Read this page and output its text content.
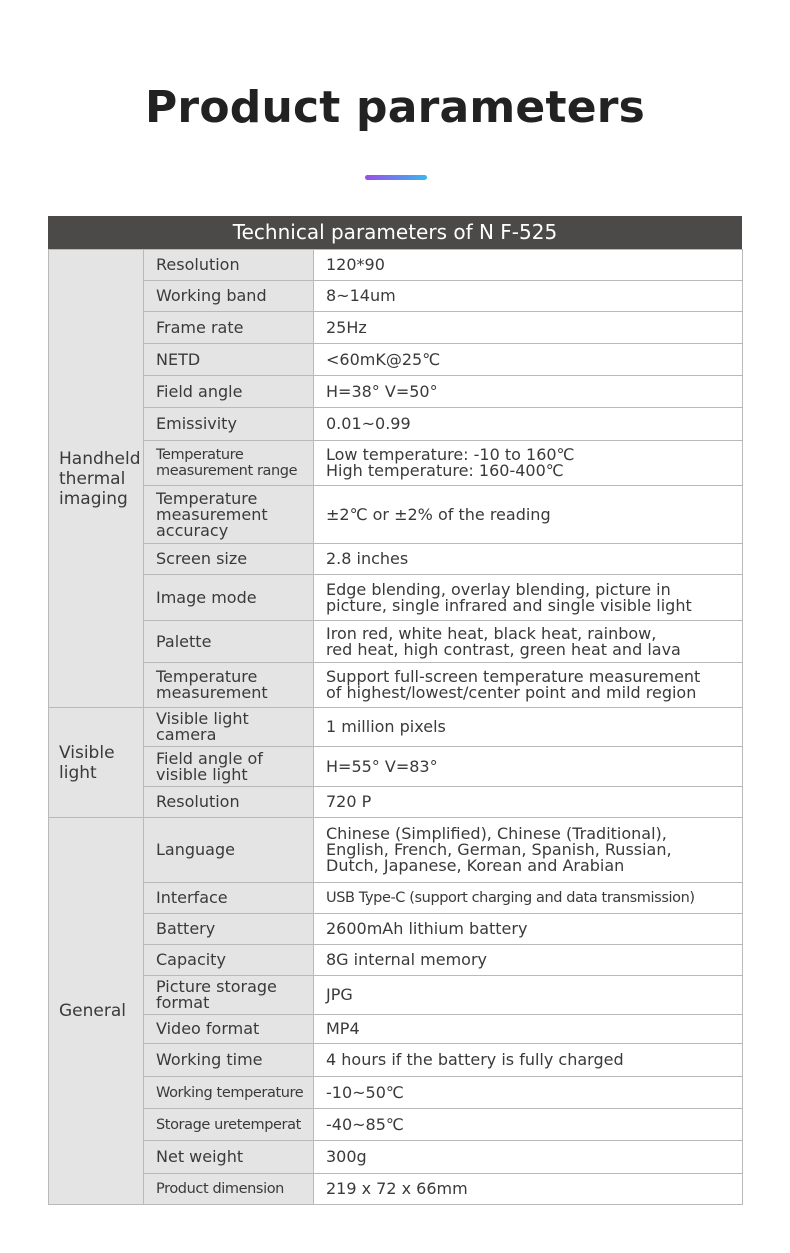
Product parameters
Technical parameters of N F-525
Handheld
thermal
imaging	Resolution	120*90
	Working band	8~14um
	Frame rate	25Hz
	NETD	<60mK@25℃
	Field angle	H=38° V=50°
	Emissivity	0.01~0.99
	Temperature
measurement range	Low temperature: -10 to 160℃
High temperature: 160-400℃
	Temperature
measurement
accuracy	±2℃ or ±2% of the reading
	Screen size	2.8 inches
	Image mode	Edge blending, overlay blending, picture in
picture, single infrared and single visible light
	Palette	Iron red, white heat, black heat, rainbow,
red heat, high contrast, green heat and lava
	Temperature
measurement	Support full-screen temperature measurement
of highest/lowest/center point and mild region
Visible
light	Visible light
camera	1 million pixels
	Field angle of
visible light	H=55° V=83°
	Resolution	720 P
General	Language	Chinese (Simplified), Chinese (Traditional),
English, French, German, Spanish, Russian,
Dutch, Japanese, Korean and Arabian
	Interface	USB Type-C (support charging and data transmission)
	Battery	2600mAh lithium battery
	Capacity	8G internal memory
	Picture storage
format	JPG
	Video format	MP4
	Working time	4 hours if the battery is fully charged
	Working temperature	-10~50℃
	Storage uretemperat	-40~85℃
	Net weight	300g
	Product dimension	219 x 72 x 66mm
